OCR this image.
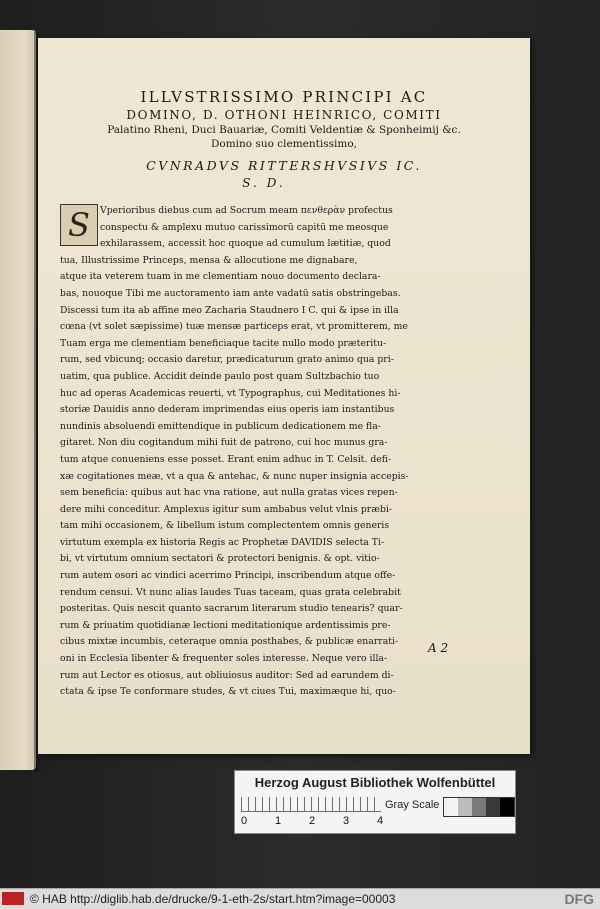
ILLVSTRISSIMO PRINCIPI AC
DOMINO, D. OTHONI HEINRICO, COMITI
Palatino Rheni, Duci Bauariæ, Comiti Veldentiæ & Sponheimij &c.
Domino suo clementissimo,
CVNRADVS RITTERSHVSIVS IC.
S. D.
S	Vperioribus diebus cum ad Socrum meam πενθερὰν profectus
conspectu & amplexu mutuo carissimorū capitū me meosque
exhilarassem, accessit hoc quoque ad cumulum lætitiæ, quod
tua, Illustrissime Princeps, mensa & allocutione me dignabare,
atque ita veterem tuam in me clementiam nouo documento declara-
bas, nouoque Tibi me auctoramento iam ante vadatū satis obstringebas.
Discessi tum ita ab affine meo Zacharia Staudnero I C. qui & ipse in illa
cœna (vt solet sæpissime) tuæ mensæ particeps erat, vt promitterem, me
Tuam erga me clementiam beneficiaque tacite nullo modo præteritu-
rum, sed vbicunq; occasio daretur, prædicaturum grato animo qua pri-
uatim, qua publice. Accidit deinde paulo post quam Sultzbachio tuo
huc ad operas Academicas reuerti, vt Typographus, cui Meditationes hi-
storiæ Dauidis anno dederam imprimendas eius operis iam instantibus
nundinis absoluendi emittendique in publicum dedicationem me fla-
gitaret. Non diu cogitandum mihi fuit de patrono, cui hoc munus gra-
tum atque conueniens esse posset. Erant enim adhuc in T. Celsit. defi-
xæ cogitationes meæ, vt a qua & antehac, & nunc nuper insignia accepis-
sem beneficia: quibus aut hac vna ratione, aut nulla gratas vices repen-
dere mihi conceditur. Amplexus igitur sum ambabus velut vlnis præbi-
tam mihi occasionem, & libellum istum complectentem omnis generis
virtutum exempla ex historia Regis ac Prophetæ DAVIDIS selecta Ti-
bi, vt virtutum omnium sectatori & protectori benignis. & opt. vitio-
rum autem osori ac vindici acerrimo Principi, inscribendum atque offe-
rendum censui. Vt nunc alias laudes Tuas taceam, quas grata celebrabit
posteritas. Quis nescit quanto sacrarum literarum studio tenearis? quar-
rum & priuatim quotidianæ lectioni meditationique ardentissimis pre-
cibus mixtæ incumbis, ceteraque omnia posthabes, & publicæ enarrati-
oni in Ecclesia libenter & frequenter soles interesse. Neque vero illa-
rum aut Lector es otiosus, aut obliuiosus auditor: Sed ad earundem di-
ctata & ipse Te conformare studes, & vt ciues Tui, maximæque hi, quo-
A 2
Herzog August Bibliothek Wolfenbüttel
0	1	2	3	4
Gray Scale
© HAB http://diglib.hab.de/drucke/9-1-eth-2s/start.htm?image=00003	DFG
